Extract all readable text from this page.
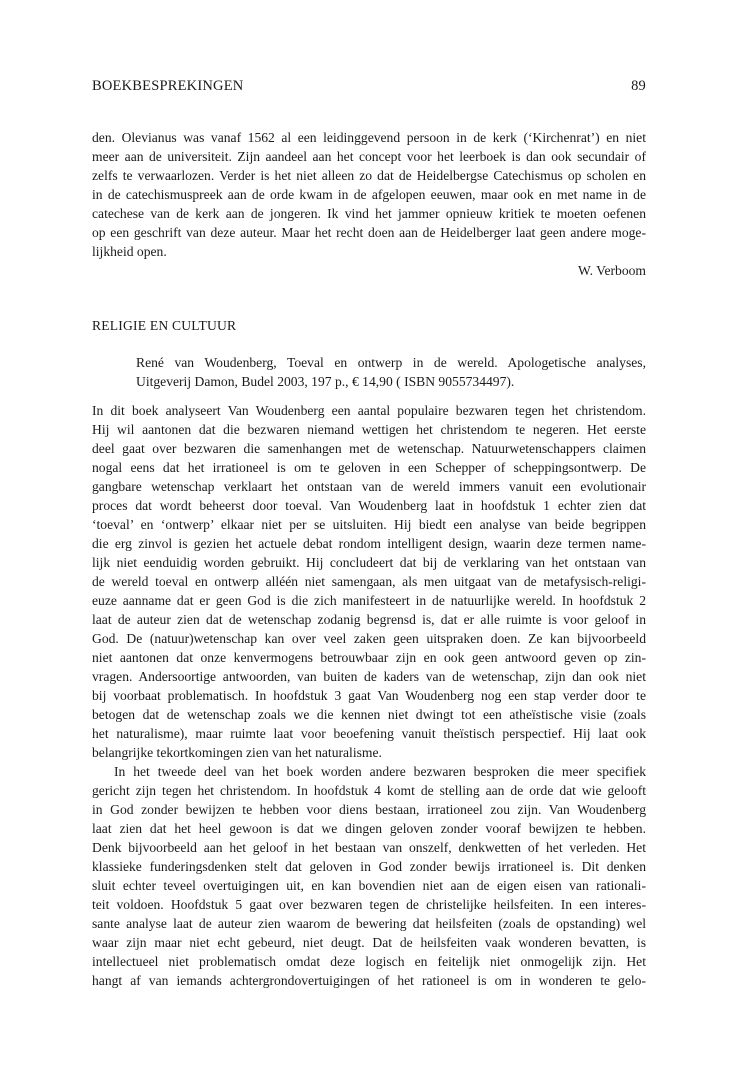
BOEKBESPREKINGEN	89
den. Olevianus was vanaf 1562 al een leidinggevend persoon in de kerk (‘Kirchenrat’) en niet
meer aan de universiteit. Zijn aandeel aan het concept voor het leerboek is dan ook secundair of
zelfs te verwaarlozen. Verder is het niet alleen zo dat de Heidelbergse Catechismus op scholen en
in de catechismuspreek aan de orde kwam in de afgelopen eeuwen, maar ook en met name in de
catechese van de kerk aan de jongeren. Ik vind het jammer opnieuw kritiek te moeten oefenen
op een geschrift van deze auteur. Maar het recht doen aan de Heidelberger laat geen andere moge-
lijkheid open.
W. Verboom
RELIGIE EN CULTUUR
René van Woudenberg, Toeval en ontwerp in de wereld. Apologetische analyses,
Uitgeverij Damon, Budel 2003, 197 p., € 14,90 ( ISBN 9055734497).
In dit boek analyseert Van Woudenberg een aantal populaire bezwaren tegen het christendom.
Hij wil aantonen dat die bezwaren niemand wettigen het christendom te negeren. Het eerste
deel gaat over bezwaren die samenhangen met de wetenschap. Natuurwetenschappers claimen
nogal eens dat het irrationeel is om te geloven in een Schepper of scheppingsontwerp. De
gangbare wetenschap verklaart het ontstaan van de wereld immers vanuit een evolutionair
proces dat wordt beheerst door toeval. Van Woudenberg laat in hoofdstuk 1 echter zien dat
‘toeval’ en ‘ontwerp’ elkaar niet per se uitsluiten. Hij biedt een analyse van beide begrippen
die erg zinvol is gezien het actuele debat rondom intelligent design, waarin deze termen name-
lijk niet eenduidig worden gebruikt. Hij concludeert dat bij de verklaring van het ontstaan van
de wereld toeval en ontwerp alléén niet samengaan, als men uitgaat van de metafysisch-religi-
euze aanname dat er geen God is die zich manifesteert in de natuurlijke wereld. In hoofdstuk 2
laat de auteur zien dat de wetenschap zodanig begrensd is, dat er alle ruimte is voor geloof in
God. De (natuur)wetenschap kan over veel zaken geen uitspraken doen. Ze kan bijvoorbeeld
niet aantonen dat onze kenvermogens betrouwbaar zijn en ook geen antwoord geven op zin-
vragen. Andersoortige antwoorden, van buiten de kaders van de wetenschap, zijn dan ook niet
bij voorbaat problematisch. In hoofdstuk 3 gaat Van Woudenberg nog een stap verder door te
betogen dat de wetenschap zoals we die kennen niet dwingt tot een atheïstische visie (zoals
het naturalisme), maar ruimte laat voor beoefening vanuit theïstisch perspectief. Hij laat ook
belangrijke tekortkomingen zien van het naturalisme.
In het tweede deel van het boek worden andere bezwaren besproken die meer specifiek
gericht zijn tegen het christendom. In hoofdstuk 4 komt de stelling aan de orde dat wie gelooft
in God zonder bewijzen te hebben voor diens bestaan, irrationeel zou zijn. Van Woudenberg
laat zien dat het heel gewoon is dat we dingen geloven zonder vooraf bewijzen te hebben.
Denk bijvoorbeeld aan het geloof in het bestaan van onszelf, denkwetten of het verleden. Het
klassieke funderingsdenken stelt dat geloven in God zonder bewijs irrationeel is. Dit denken
sluit echter teveel overtuigingen uit, en kan bovendien niet aan de eigen eisen van rationali-
teit voldoen. Hoofdstuk 5 gaat over bezwaren tegen de christelijke heilsfeiten. In een interes-
sante analyse laat de auteur zien waarom de bewering dat heilsfeiten (zoals de opstanding) wel
waar zijn maar niet echt gebeurd, niet deugt. Dat de heilsfeiten vaak wonderen bevatten, is
intellectueel niet problematisch omdat deze logisch en feitelijk niet onmogelijk zijn. Het
hangt af van iemands achtergrondovertuigingen of het rationeel is om in wonderen te gelo-
